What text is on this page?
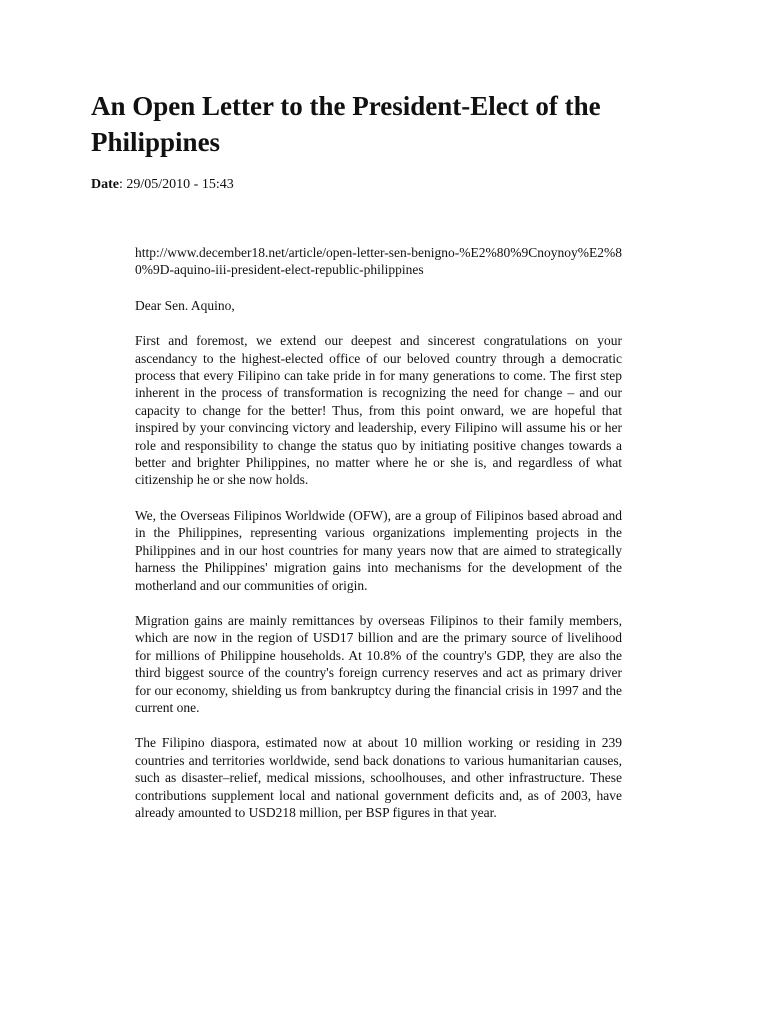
An Open Letter to the President-Elect of the Philippines
Date: 29/05/2010 - 15:43

http://www.december18.net/article/open-letter-sen-benigno-%E2%80%9Cnoynoy%E2%80%9D-aquino-iii-president-elect-republic-philippines

Dear Sen. Aquino,

First and foremost, we extend our deepest and sincerest congratulations on your ascendancy to the highest-elected office of our beloved country through a democratic process that every Filipino can take pride in for many generations to come. The first step inherent in the process of transformation is recognizing the need for change – and our capacity to change for the better! Thus, from this point onward, we are hopeful that inspired by your convincing victory and leadership, every Filipino will assume his or her role and responsibility to change the status quo by initiating positive changes towards a better and brighter Philippines, no matter where he or she is, and regardless of what citizenship he or she now holds.

We, the Overseas Filipinos Worldwide (OFW), are a group of Filipinos based abroad and in the Philippines, representing various organizations implementing projects in the Philippines and in our host countries for many years now that are aimed to strategically harness the Philippines' migration gains into mechanisms for the development of the motherland and our communities of origin.

Migration gains are mainly remittances by overseas Filipinos to their family members, which are now in the region of USD17 billion and are the primary source of livelihood for millions of Philippine households. At 10.8% of the country's GDP, they are also the third biggest source of the country's foreign currency reserves and act as primary driver for our economy, shielding us from bankruptcy during the financial crisis in 1997 and the current one.

The Filipino diaspora, estimated now at about 10 million working or residing in 239 countries and territories worldwide, send back donations to various humanitarian causes, such as disaster–relief, medical missions, schoolhouses, and other infrastructure. These contributions supplement local and national government deficits and, as of 2003, have already amounted to USD218 million, per BSP figures in that year.
